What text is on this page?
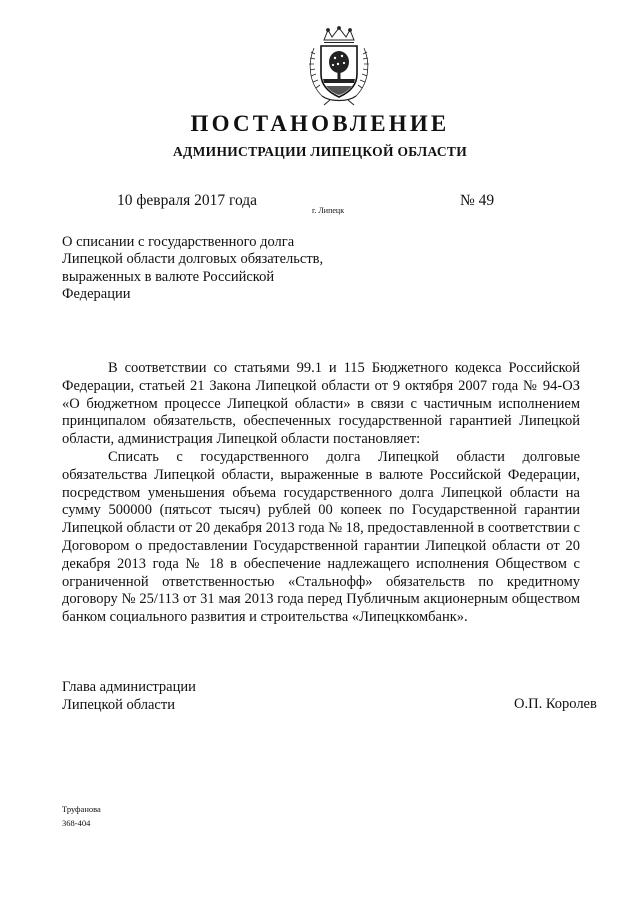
ПОСТАНОВЛЕНИЕ
АДМИНИСТРАЦИИ ЛИПЕЦКОЙ ОБЛАСТИ
10 февраля 2017 года
г. Липецк
№ 49
О списании с государственного долга
Липецкой области долговых обязательств,
выраженных в валюте Российской
Федерации

В соответствии со статьями 99.1 и 115 Бюджетного кодекса Российской Федерации, статьей 21 Закона Липецкой области от 9 октября 2007 года № 94-ОЗ «О бюджетном процессе Липецкой области» в связи с частичным исполнением принципалом обязательств, обеспеченных государственной гарантией Липецкой области, администрация Липецкой области постановляет:

Списать с государственного долга Липецкой области долговые обязательства Липецкой области, выраженные в валюте Российской Федерации, посредством уменьшения объема государственного долга Липецкой области на сумму 500000 (пятьсот тысяч) рублей 00 копеек по Государственной гарантии Липецкой области от 20 декабря 2013 года № 18, предоставленной в соответствии с Договором о предоставлении Государственной гарантии Липецкой области от 20 декабря 2013 года № 18 в обеспечение надлежащего исполнения Обществом с ограниченной ответственностью «Стальнофф» обязательств по кредитному договору № 25/113 от 31 мая 2013 года перед Публичным акционерным обществом банком социального развития и строительства «Липецккомбанк».

Глава администрации
Липецкой области	О.П. Королев
Труфанова
368-404
